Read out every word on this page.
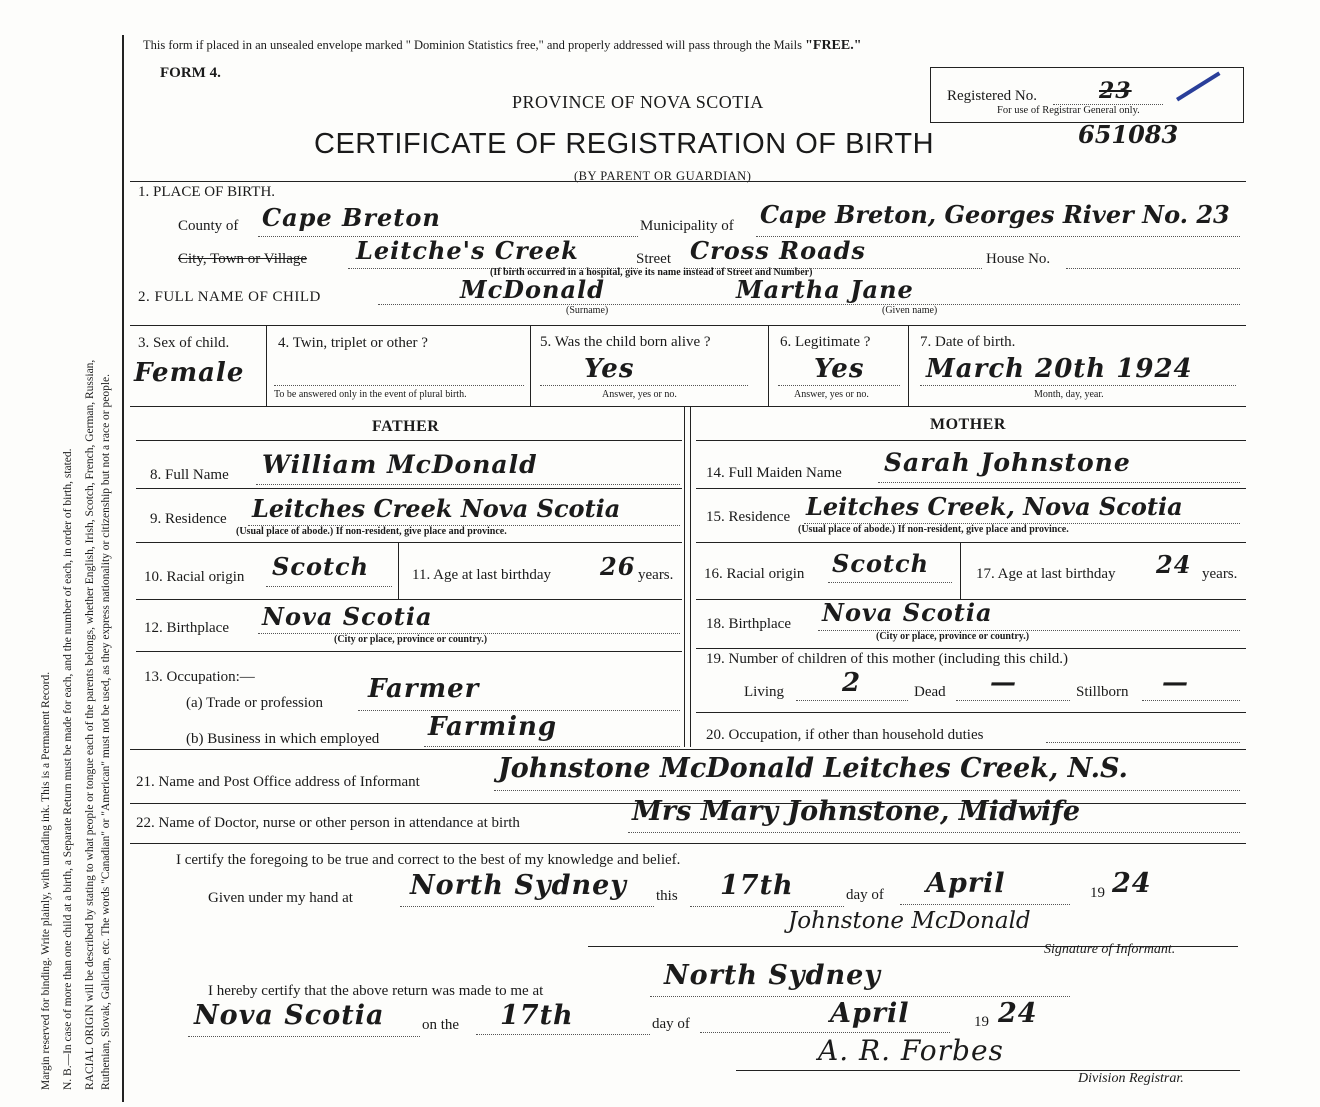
Margin reserved for binding. Write plainly, with unfading ink. This is a Permanent Record. N. B.—In case of more than one child at a birth, a Separate Return must be made for each, and the number of each, in order of birth, stated. RACIAL ORIGIN will be described by stating to what people or tongue each of the parents belongs, whether English, Irish, Scotch, French, German, Russian, Ruthenian, Slovak, Galician, etc. The words "Canadian" or "American" must not be used, as they express nationality or citizenship but not a race or people.
This form if placed in an unsealed envelope marked " Dominion Statistics free," and properly addressed will pass through the Mails "FREE."
FORM 4.
PROVINCE OF NOVA SCOTIA
CERTIFICATE OF REGISTRATION OF BIRTH	651083
(BY PARENT OR GUARDIAN)
Registered No.	23
For use of Registrar General only.
1. PLACE OF BIRTH.
County of Cape Breton	Municipality of Cape Breton, Georges River No. 23
City, Town or Village Leitche's Creek	Street Cross Roads
(If birth occurred in a hospital, give its name instead of Street and Number)
House No.
2. FULL NAME OF CHILD	McDonald	Martha Jane
(Surname)	(Given name)
3. Sex of child.
Female
4. Twin, triplet or other ?
To be answered only in the event of plural birth.
5. Was the child born alive ?
Yes
Answer, yes or no.
6. Legitimate ?
Yes
Answer, yes or no.
7. Date of birth.
March 20th 1924
Month, day, year.
FATHER	MOTHER
8. Full Name William McDonald
9. Residence Leitches Creek Nova Scotia
(Usual place of abode.) If non-resident, give place and province.
10. Racial origin Scotch	11. Age at last birthday 26 years.
12. Birthplace Nova Scotia
(City or place, province or country.)
13. Occupation:—
(a) Trade or profession Farmer
(b) Business in which employed Farming
14. Full Maiden Name Sarah Johnstone
15. Residence Leitches Creek, Nova Scotia
(Usual place of abode.) If non-resident, give place and province.
16. Racial origin Scotch	17. Age at last birthday 24 years.
18. Birthplace Nova Scotia
(City or place, province or country.)
19. Number of children of this mother (including this child.)
Living 2	Dead —	Stillborn —
20. Occupation, if other than household duties
21. Name and Post Office address of Informant	Johnstone McDonald Leitches Creek, N.S.
22. Name of Doctor, nurse or other person in attendance at birth	Mrs Mary Johnstone, Midwife
I certify the foregoing to be true and correct to the best of my knowledge and belief.
Given under my hand at North Sydney this 17th	day of April	19 24
Johnstone McDonald
Signature of Informant.
I hereby certify that the above return was made to me at	North Sydney
Nova Scotia	on the 17th	day of	April	19 24
A. R. Forbes
Division Registrar.
